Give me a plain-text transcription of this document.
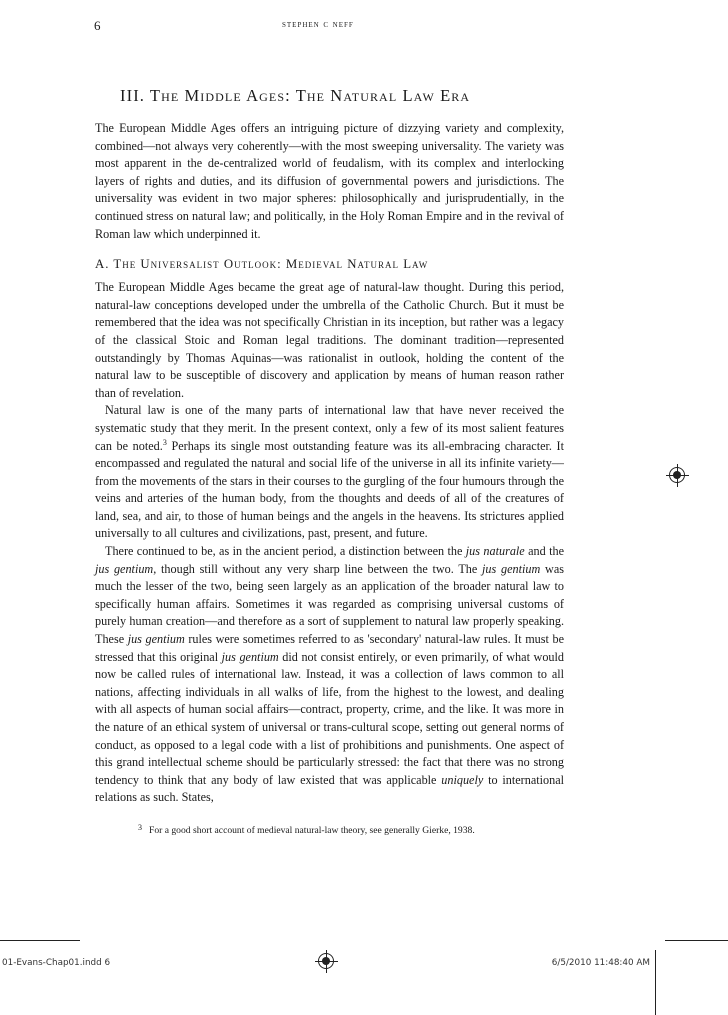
6	stephen c neff
III. The Middle Ages: The Natural Law Era

The European Middle Ages offers an intriguing picture of dizzying variety and complexity, combined—not always very coherently—with the most sweeping universality. The variety was most apparent in the de-centralized world of feudalism, with its complex and interlocking layers of rights and duties, and its diffusion of governmental powers and jurisdictions. The universality was evident in two major spheres: philosophically and jurisprudentially, in the continued stress on natural law; and politically, in the Holy Roman Empire and in the revival of Roman law which underpinned it.

A. The Universalist Outlook: Medieval Natural Law

The European Middle Ages became the great age of natural-law thought. During this period, natural-law conceptions developed under the umbrella of the Catholic Church. But it must be remembered that the idea was not specifically Christian in its inception, but rather was a legacy of the classical Stoic and Roman legal traditions. The dominant tradition—represented outstandingly by Thomas Aquinas—was rationalist in outlook, holding the content of the natural law to be susceptible of discovery and application by means of human reason rather than of revelation.

Natural law is one of the many parts of international law that have never received the systematic study that they merit. In the present context, only a few of its most salient features can be noted.$^3$ Perhaps its single most outstanding feature was its all-embracing character. It encompassed and regulated the natural and social life of the universe in all its infinite variety—from the movements of the stars in their courses to the gurgling of the four humours through the veins and arteries of the human body, from the thoughts and deeds of all of the creatures of land, sea, and air, to those of human beings and the angels in the heavens. Its strictures applied universally to all cultures and civilizations, past, present, and future.

There continued to be, as in the ancient period, a distinction between the jus naturale and the jus gentium, though still without any very sharp line between the two. The jus gentium was much the lesser of the two, being seen largely as an application of the broader natural law to specifically human affairs. Sometimes it was regarded as comprising universal customs of purely human creation—and therefore as a sort of supplement to natural law properly speaking. These jus gentium rules were sometimes referred to as 'secondary' natural-law rules. It must be stressed that this original jus gentium did not consist entirely, or even primarily, of what would now be called rules of international law. Instead, it was a collection of laws common to all nations, affecting individuals in all walks of life, from the highest to the lowest, and dealing with all aspects of human social affairs—contract, property, crime, and the like. It was more in the nature of an ethical system of universal or trans-cultural scope, setting out general norms of conduct, as opposed to a legal code with a list of prohibitions and punishments. One aspect of this grand intellectual scheme should be particularly stressed: the fact that there was no strong tendency to think that any body of law existed that was applicable uniquely to international relations as such. States,

$^3$ For a good short account of medieval natural-law theory, see generally Gierke, 1938.
01-Evans-Chap01.indd 6	6/5/2010 11:48:40 AM
